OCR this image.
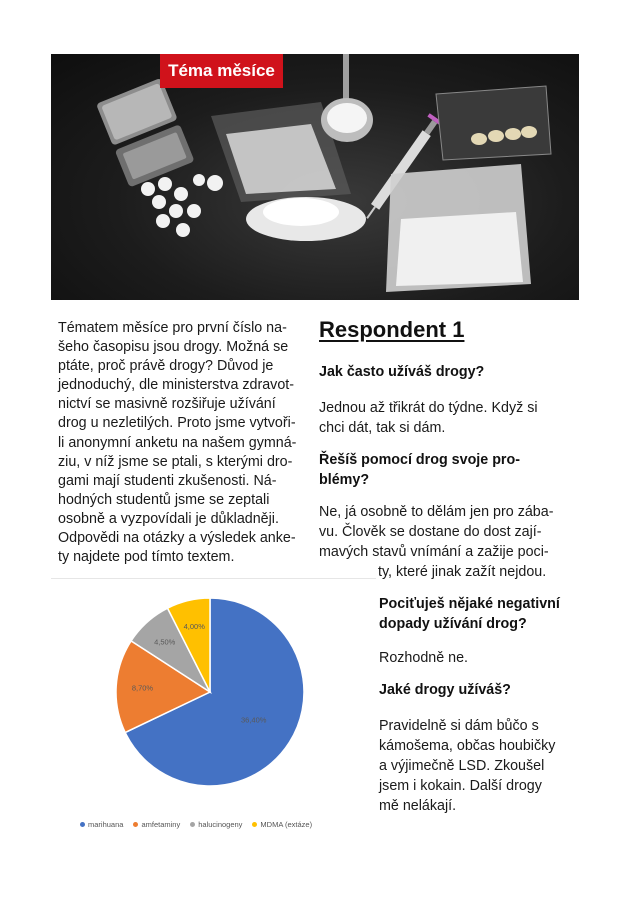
Téma měsíce
Tématem měsíce pro první číslo na-
šeho časopisu jsou drogy. Možná se
ptáte, proč právě drogy? Důvod je
jednoduchý, dle ministerstva zdravot-
nictví se masivně rozšiřuje užívání
drog u nezletilých. Proto jsme vytvoři-
li anonymní anketu na našem gymná-
ziu, v níž jsme se ptali, s kterými dro-
gami mají studenti zkušenosti. Ná-
hodných studentů jsme se zeptali
osobně a vyzpovídali je důkladněji.
Odpovědi na otázky a výsledek anke-
ty najdete pod tímto textem.
36,40%
8,70%
4,50%
4,00%
marihuana amfetaminy halucinogeny MDMA (extáze)
Respondent 1
Jak často užíváš drogy?
Jednou až třikrát do týdne. Když si
chci dát, tak si dám.
Řešíš pomocí drog svoje pro-
blémy?
Ne, já osobně to dělám jen pro zába-
vu. Člověk se dostane do dost zají-
mavých stavů vnímání a zažije poci-
ty, které jinak zažít nejdou.
Pociťuješ nějaké negativní
dopady užívání drog?
Rozhodně ne.
Jaké drogy užíváš?
Pravidelně si dám bůčo s
kámošema, občas houbičky
a výjimečně LSD. Zkoušel
jsem i kokain. Další drogy
mě nelákají.
